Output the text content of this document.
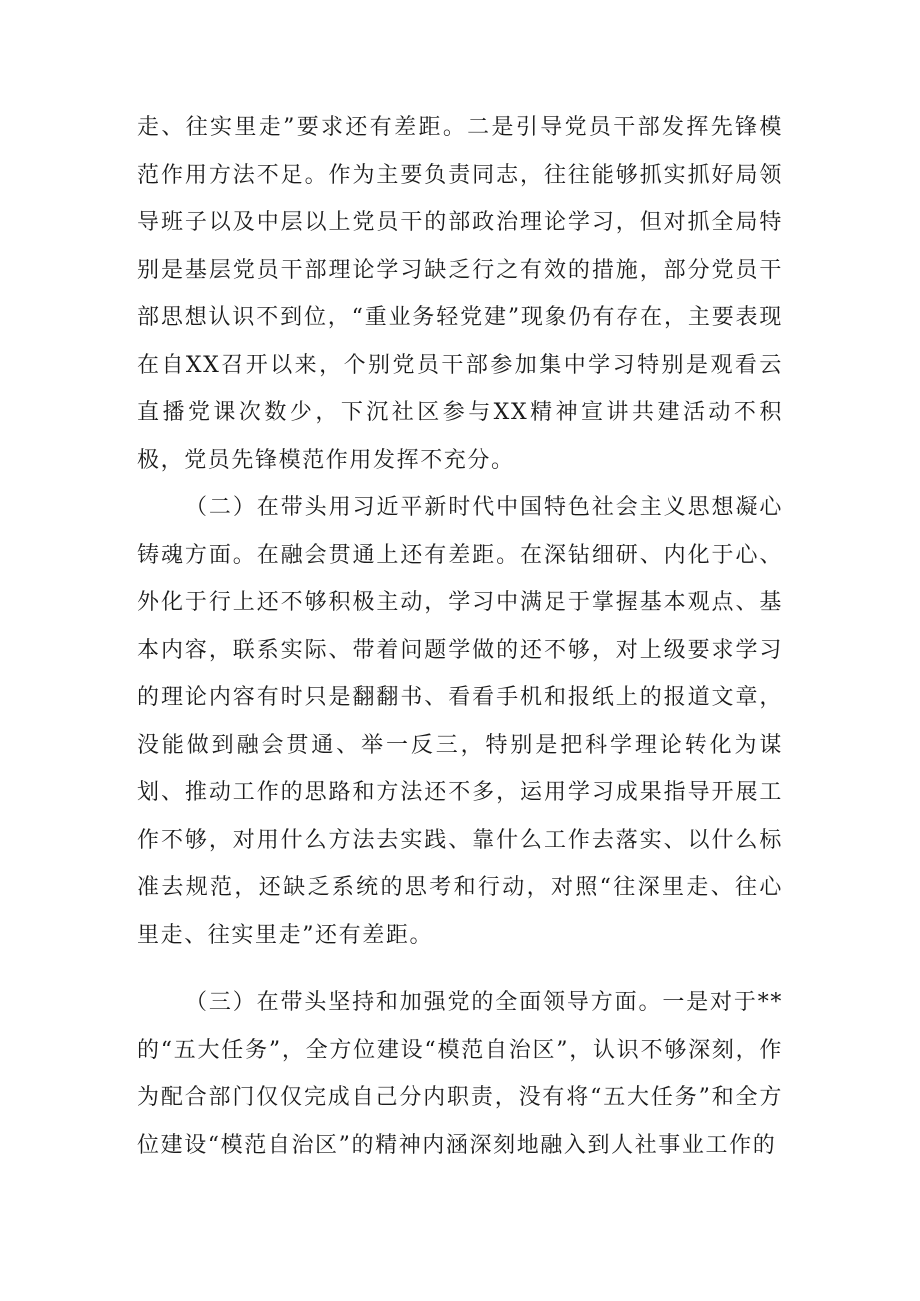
走、往实里走”要求还有差距。二是引导党员干部发挥先锋模范作用方法不足。作为主要负责同志，往往能够抓实抓好局领导班子以及中层以上党员干的部政治理论学习，但对抓全局特别是基层党员干部理论学习缺乏行之有效的措施，部分党员干部思想认识不到位，“重业务轻党建”现象仍有存在，主要表现在自XX召开以来，个别党员干部参加集中学习特别是观看云直播党课次数少，下沉社区参与XX精神宣讲共建活动不积极，党员先锋模范作用发挥不充分。

（二）在带头用习近平新时代中国特色社会主义思想凝心铸魂方面。在融会贯通上还有差距。在深钻细研、内化于心、外化于行上还不够积极主动，学习中满足于掌握基本观点、基本内容，联系实际、带着问题学做的还不够，对上级要求学习的理论内容有时只是翻翻书、看看手机和报纸上的报道文章，没能做到融会贯通、举一反三，特别是把科学理论转化为谋划、推动工作的思路和方法还不多，运用学习成果指导开展工作不够，对用什么方法去实践、靠什么工作去落实、以什么标准去规范，还缺乏系统的思考和行动，对照“往深里走、往心里走、往实里走”还有差距。

（三）在带头坚持和加强党的全面领导方面。一是对于**的“五大任务”，全方位建设“模范自治区”，认识不够深刻，作为配合部门仅仅完成自己分内职责，没有将“五大任务”和全方位建设“模范自治区”的精神内涵深刻地融入到人社事业工作的
